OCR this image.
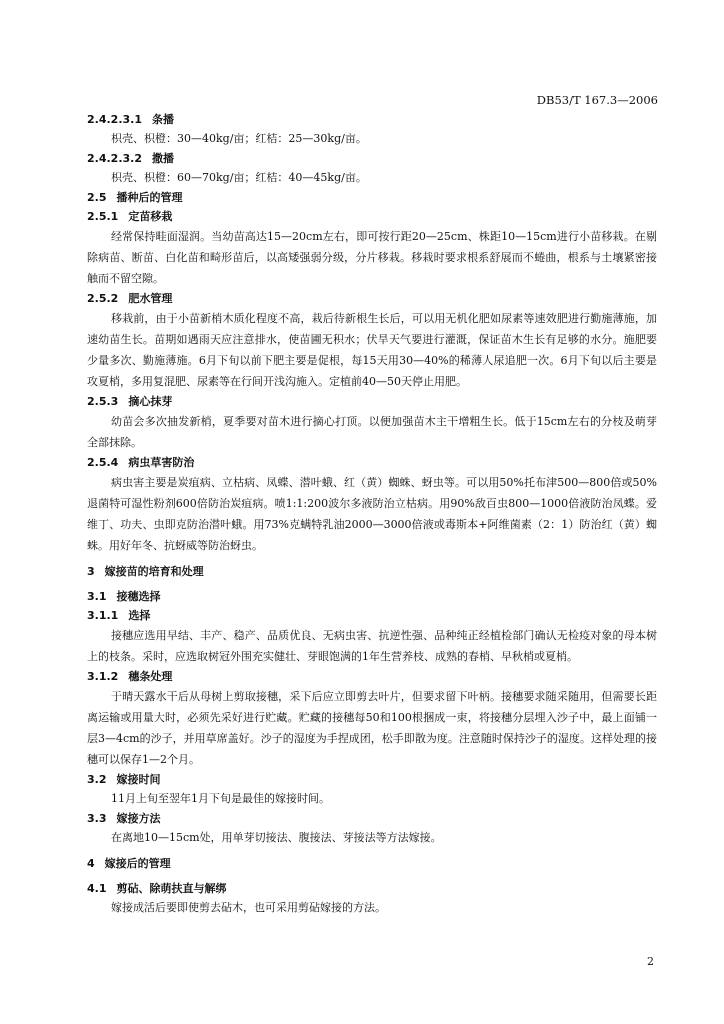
DB53/T 167.3—2006
2.4.2.3.1 条播
枳壳、枳橙：30—40kg/亩；红桔：25—30kg/亩。
2.4.2.3.2 撒播
枳壳、枳橙：60—70kg/亩；红桔：40—45kg/亩。
2.5 播种后的管理
2.5.1 定苗移栽
经常保持畦面湿润。当幼苗高达15—20cm左右，即可按行距20—25cm、株距10—15cm进行小苗移栽。在剔除病苗、断苗、白化苗和畸形苗后，以高矮强弱分级，分片移栽。移栽时要求根系舒展而不蜷曲，根系与土壤紧密接触而不留空隙。
2.5.2 肥水管理
移栽前，由于小苗新梢木质化程度不高，栽后待新根生长后，可以用无机化肥如尿素等速效肥进行勤施薄施，加速幼苗生长。苗期如遇雨天应注意排水，使苗圃无积水；伏旱天气要进行灌溉，保证苗木生长有足够的水分。施肥要少量多次、勤施薄施。6月下旬以前下肥主要是促根，每15天用30—40%的稀薄人尿追肥一次。6月下旬以后主要是攻夏梢，多用复混肥、尿素等在行间开浅沟施入。定植前40—50天停止用肥。
2.5.3 摘心抹芽
幼苗会多次抽发新梢，夏季要对苗木进行摘心打顶。以便加强苗木主干增粗生长。低于15cm左右的分枝及萌芽全部抹除。
2.5.4 病虫草害防治
病虫害主要是炭疽病、立枯病、凤蝶、潜叶蛾、红（黄）蜘蛛、蚜虫等。可以用50%托布津500—800倍或50%退菌特可湿性粉剂600倍防治炭疽病。喷1:1:200波尔多液防治立枯病。用90%敌百虫800—1000倍液防治凤蝶。爱维丁、功夫、虫即克防治潜叶蛾。用73%克螨特乳油2000—3000倍液或毒斯本+阿维菌素（2：1）防治红（黄）蜘蛛。用好年冬、抗蚜威等防治蚜虫。
3 嫁接苗的培育和处理
3.1 接穗选择
3.1.1 选择
接穗应选用早结、丰产、稳产、品质优良、无病虫害、抗逆性强、品种纯正经植检部门确认无检疫对象的母本树上的枝条。采时，应选取树冠外围充实健壮、芽眼饱满的1年生营养枝、成熟的春梢、早秋梢或夏梢。
3.1.2 穗条处理
于晴天露水干后从母树上剪取接穗，采下后应立即剪去叶片，但要求留下叶柄。接穗要求随采随用，但需要长距离运输或用量大时，必须先采好进行贮藏。贮藏的接穗每50和100根捆成一束，将接穗分层埋入沙子中，最上面铺一层3—4cm的沙子，并用草席盖好。沙子的湿度为手捏成团，松手即散为度。注意随时保持沙子的湿度。这样处理的接穗可以保存1—2个月。
3.2 嫁接时间
11月上旬至翌年1月下旬是最佳的嫁接时间。
3.3 嫁接方法
在离地10—15cm处，用单芽切接法、腹接法、芽接法等方法嫁接。
4 嫁接后的管理
4.1 剪砧、除萌扶直与解绑
嫁接成活后要即使剪去砧木，也可采用剪砧嫁接的方法。
2
